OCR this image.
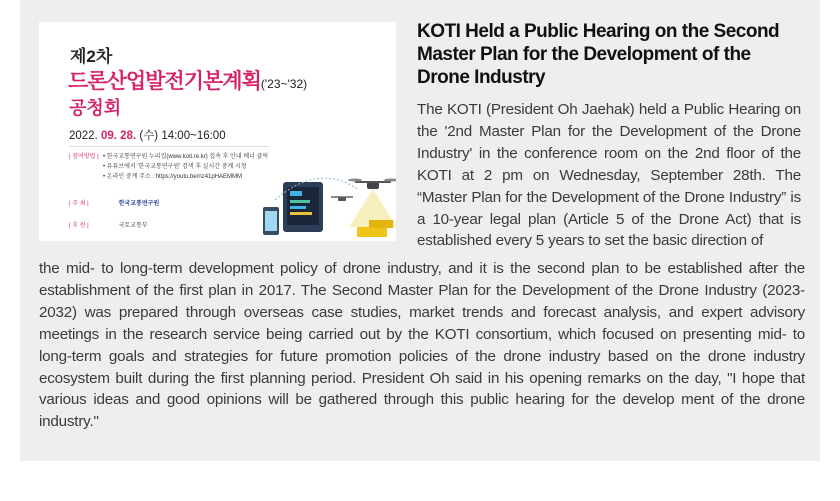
제2차
드론산업발전기본계획('23~'32)
공청회
2022. 09. 28. (수) 14:00~16:00
| 참여방법 | • 한국교통연구원 누리집(www.koti.re.kr) 접속 후 안내 배너 클릭
• 유튜브에서 '한국교통연구원' 검색 후 실시간 중계 시청
• 온라인 중계 주소 : https://youtu.be/nz41pHAEMMM
| 주 최 |	한국교통연구원
| 후 원 |	국토교통부
KOTI Held a Public Hearing on the Second Master Plan for the Development of the Drone Industry

The KOTI (President Oh Jaehak) held a Public Hearing on the '2nd Master Plan for the Development of the Drone Industry' in the conference room on the 2nd floor of the KOTI at 2 pm on Wednesday, September 28th. The “Master Plan for the Development of the Drone Industry” is a 10-year legal plan (Article 5 of the Drone Act) that is established every 5 years to set the basic direction of

the mid- to long-term development policy of drone industry, and it is the second plan to be established after the establishment of the first plan in 2017. The Second Master Plan for the Development of the Drone Industry (2023-2032) was prepared through overseas case studies, market trends and forecast analysis, and expert advisory meetings in the research service being carried out by the KOTI consortium, which focused on presenting mid- to long-term goals and strategies for future promotion policies of the drone industry based on the drone industry ecosystem built during the first planning period. President Oh said in his opening remarks on the day, "I hope that various ideas and good opinions will be gathered through this public hearing for the develop ment of the drone industry."
